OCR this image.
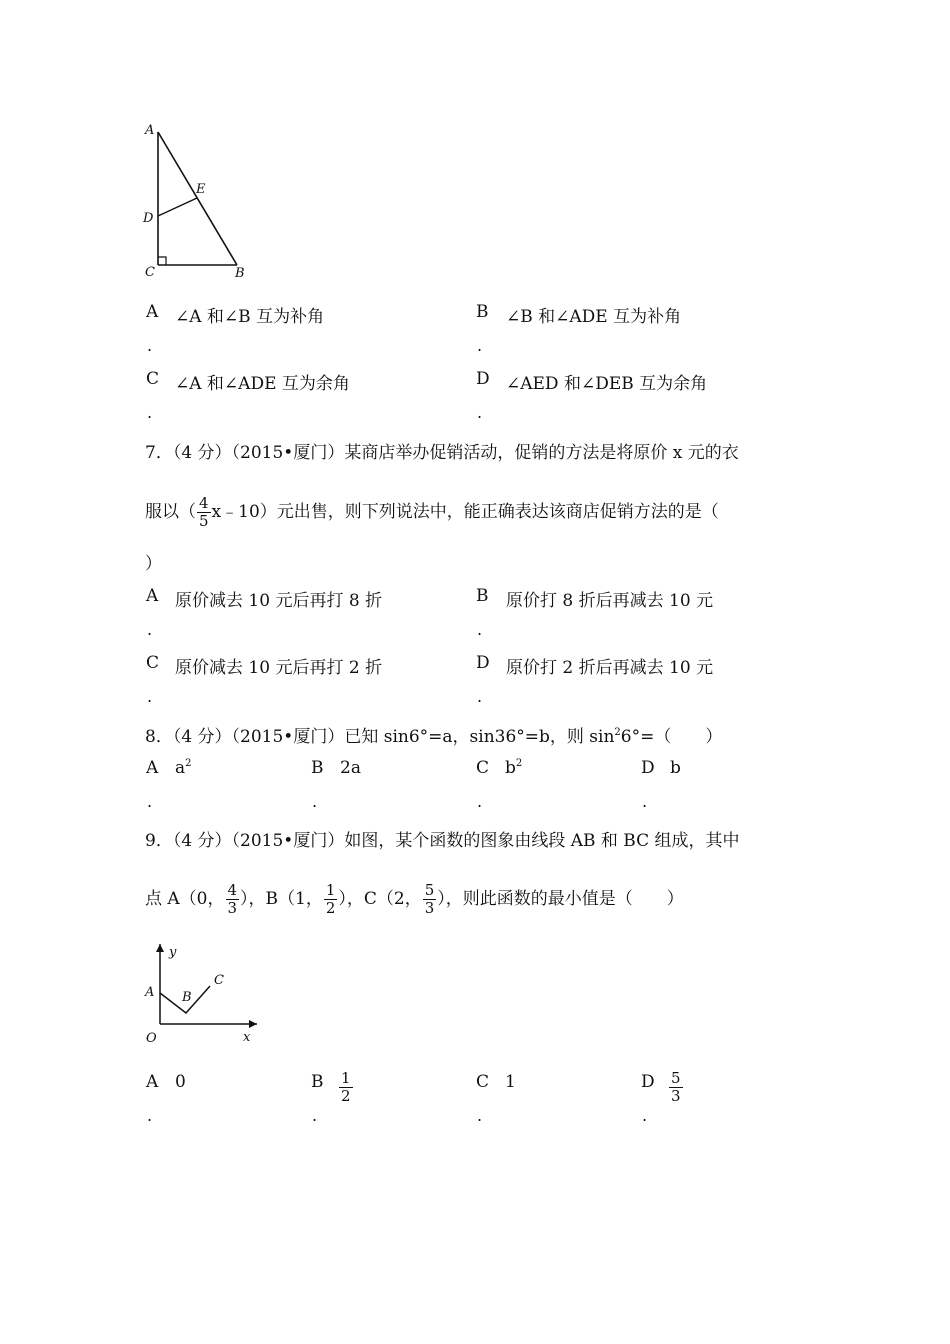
A
E
D
C	B
A ∠A 和∠B 互为补角
.
B ∠B 和∠ADE 互为补角
.
C ∠A 和∠ADE 互为余角
.
D ∠AED 和∠DEB 互为余角
.
7．（4 分）（2015•厦门）某商店举办促销活动，促销的方法是将原价 x 元的衣
服以（ $\frac{4}{5}$ x﹣10）元出售，则下列说法中，能正确表达该商店促销方法的是（
）
A 原价减去 10 元后再打 8 折
.
B 原价打 8 折后再减去 10 元
.
C 原价减去 10 元后再打 2 折
.
D 原价打 2 折后再减去 10 元
.
8．（4 分）（2015•厦门）已知 sin6°=a，sin36°=b，则 $\sin^26^\circ=$（　　）
A $a^2$
.
B 2a
.
C $b^2$
.
D b
.
9．（4 分）（2015•厦门）如图，某个函数的图象由线段 AB 和 BC 组成，其中
点 A（0， $\frac{4}{3}$ ），B（1， $\frac{1}{2}$ ），C（2， $\frac{5}{3}$ ），则此函数的最小值是（　　）
y
A B
C
O	x
A 0
.
B $\frac{1}{2}$
.
C 1
.
D $\frac{5}{3}$
.
